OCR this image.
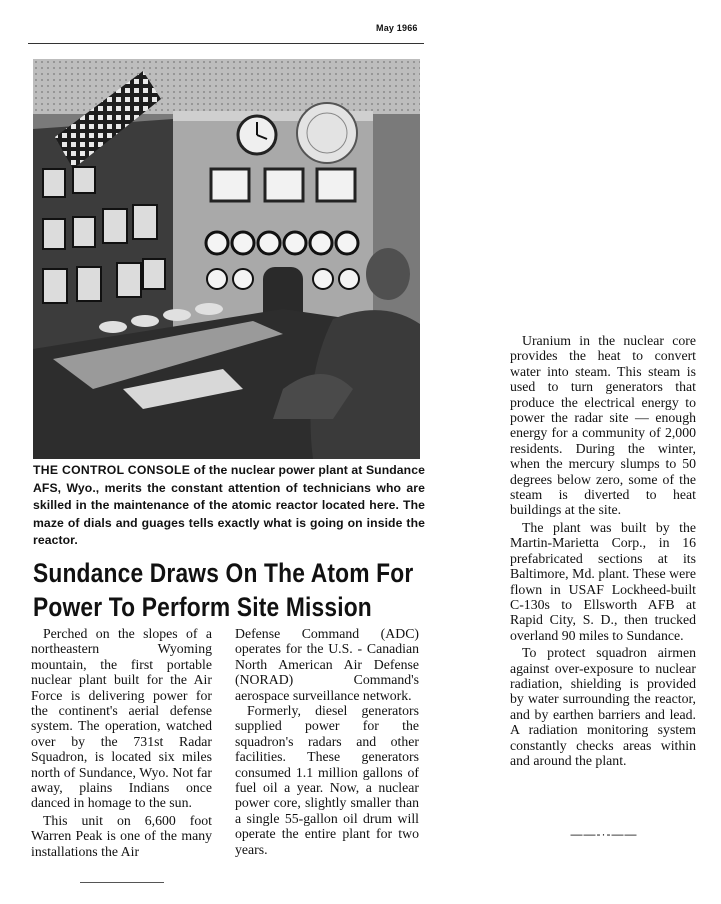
May 1966
THE CONTROL CONSOLE of the nuclear power plant at Sundance AFS, Wyo., merits the constant attention of technicians who are skilled in the maintenance of the atomic reactor located here. The maze of dials and guages tells exactly what is going on inside the reactor.
Sundance Draws On The Atom For
Power To Perform Site Mission

Perched on the slopes of a northeastern Wyoming mountain, the first portable nuclear plant built for the Air Force is delivering power for the continent's aerial defense system. The operation, watched over by the 731st Radar Squadron, is located six miles north of Sundance, Wyo. Not far away, plains Indians once danced in homage to the sun.

This unit on 6,600 foot Warren Peak is one of the many installations the Air

Defense Command (ADC) operates for the U.S. - Canadian North American Air Defense (NORAD) Command's aerospace surveillance network.

Formerly, diesel generators supplied power for the squadron's radars and other facilities. These generators consumed 1.1 million gallons of fuel oil a year. Now, a nuclear power core, slightly smaller than a single 55-gallon oil drum will operate the entire plant for two years.

Uranium in the nuclear core provides the heat to convert water into steam. This steam is used to turn generators that produce the electrical energy to power the radar site — enough energy for a community of 2,000 residents. During the winter, when the mercury slumps to 50 degrees below zero, some of the steam is diverted to heat buildings at the site.

The plant was built by the Martin-Marietta Corp., in 16 prefabricated sections at its Baltimore, Md. plant. These were flown in USAF Lockheed-built C-130s to Ellsworth AFB at Rapid City, S. D., then trucked overland 90 miles to Sundance.

To protect squadron airmen against over-exposure to nuclear radiation, shielding is provided by water surrounding the reactor, and by earthen barriers and lead. A radiation monitoring system constantly checks areas within and around the plant.

——-·-——
